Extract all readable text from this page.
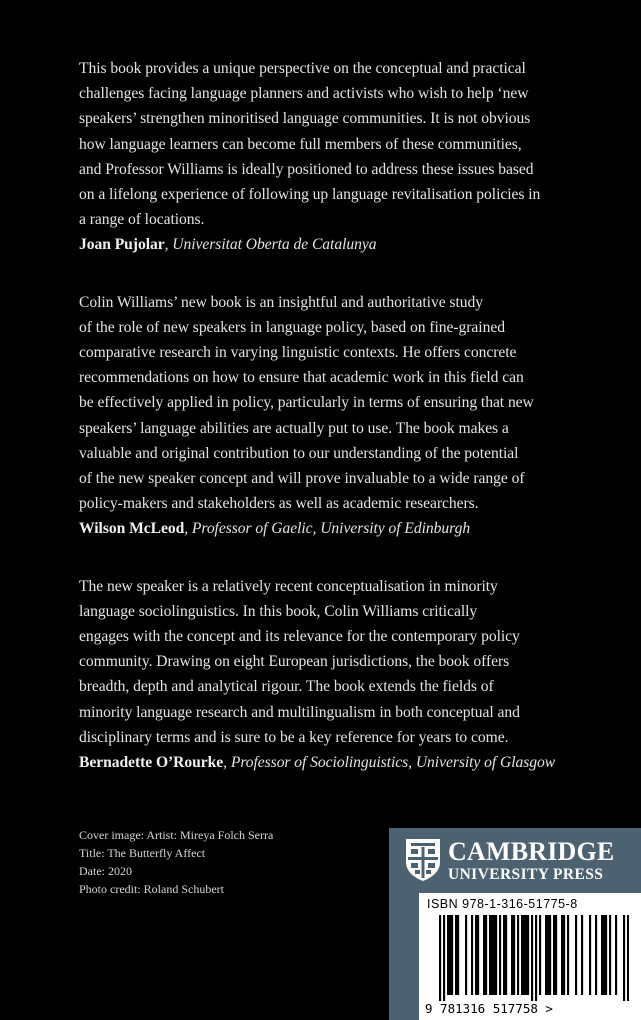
This book provides a unique perspective on the conceptual and practical
challenges facing language planners and activists who wish to help ‘new
speakers’ strengthen minoritised language communities. It is not obvious
how language learners can become full members of these communities,
and Professor Williams is ideally positioned to address these issues based
on a lifelong experience of following up language revitalisation policies in
a range of locations.
Joan Pujolar, Universitat Oberta de Catalunya
Colin Williams’ new book is an insightful and authoritative study
of the role of new speakers in language policy, based on fine-grained
comparative research in varying linguistic contexts. He offers concrete
recommendations on how to ensure that academic work in this field can
be effectively applied in policy, particularly in terms of ensuring that new
speakers’ language abilities are actually put to use. The book makes a
valuable and original contribution to our understanding of the potential
of the new speaker concept and will prove invaluable to a wide range of
policy-makers and stakeholders as well as academic researchers.
Wilson McLeod, Professor of Gaelic, University of Edinburgh
The new speaker is a relatively recent conceptualisation in minority
language sociolinguistics. In this book, Colin Williams critically
engages with the concept and its relevance for the contemporary policy
community. Drawing on eight European jurisdictions, the book offers
breadth, depth and analytical rigour. The book extends the fields of
minority language research and multilingualism in both conceptual and
disciplinary terms and is sure to be a key reference for years to come.
Bernadette O’Rourke, Professor of Sociolinguistics, University of Glasgow
Cover image: Artist: Mireya Folch Serra
Title: The Butterfly Affect
Date: 2020
Photo credit: Roland Schubert
CAMBRIDGE
UNIVERSITY PRESS
ISBN 978-1-316-51775-8
9 781316 517758 >
